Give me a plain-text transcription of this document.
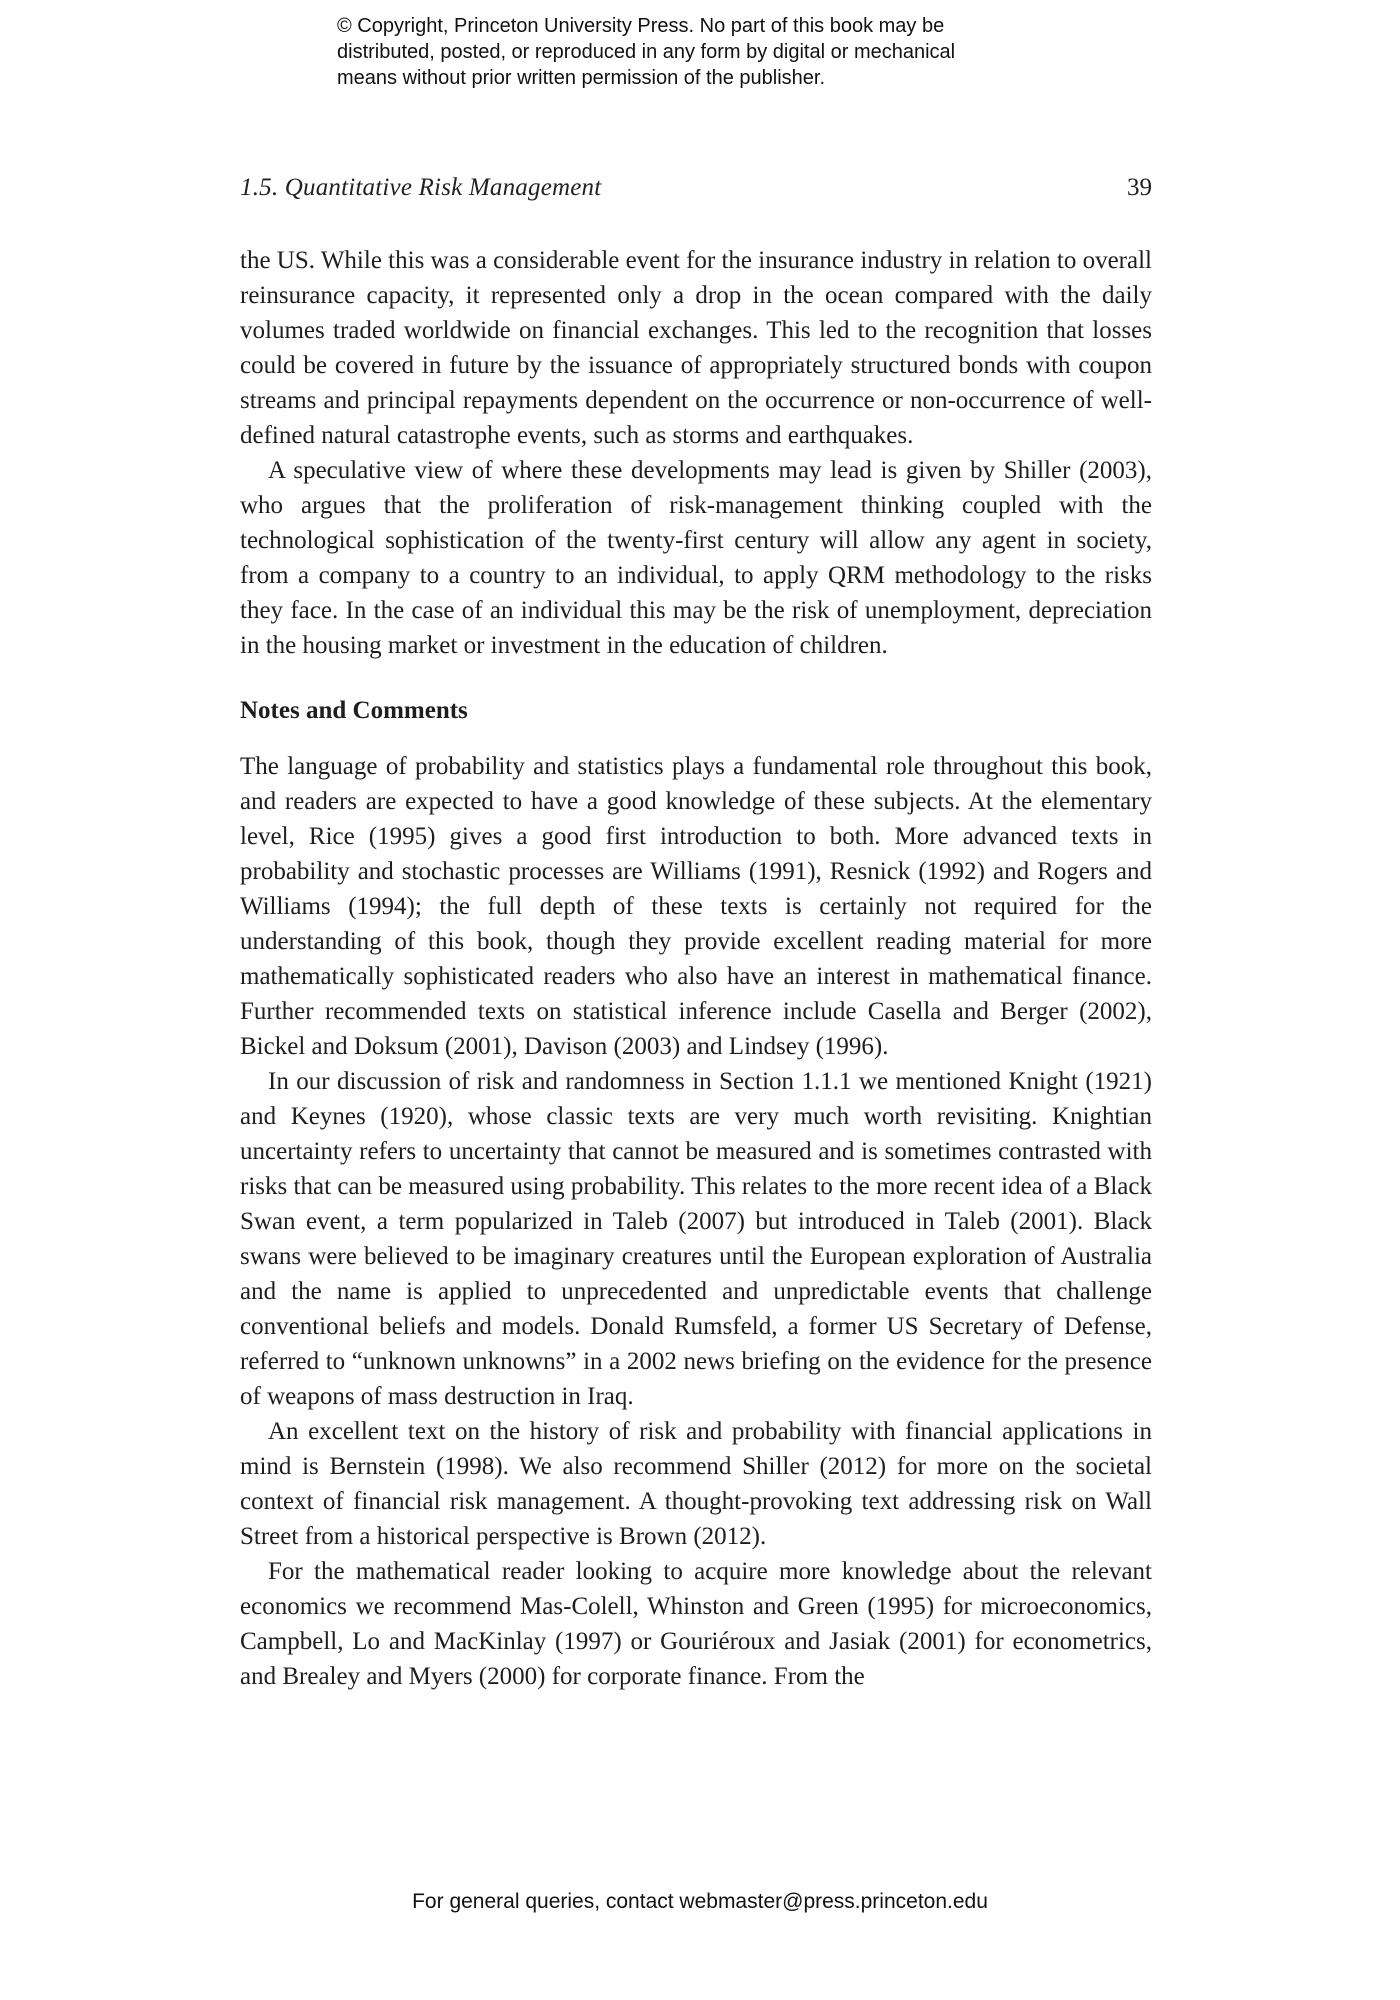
© Copyright, Princeton University Press. No part of this book may be
distributed, posted, or reproduced in any form by digital or mechanical
means without prior written permission of the publisher.
1.5. Quantitative Risk Management	39

the US. While this was a considerable event for the insurance industry in relation to overall reinsurance capacity, it represented only a drop in the ocean compared with the daily volumes traded worldwide on financial exchanges. This led to the recognition that losses could be covered in future by the issuance of appropriately structured bonds with coupon streams and principal repayments dependent on the occurrence or non-occurrence of well-defined natural catastrophe events, such as storms and earthquakes.

A speculative view of where these developments may lead is given by Shiller (2003), who argues that the proliferation of risk-management thinking coupled with the technological sophistication of the twenty-first century will allow any agent in society, from a company to a country to an individual, to apply QRM methodology to the risks they face. In the case of an individual this may be the risk of unemployment, depreciation in the housing market or investment in the education of children.

Notes and Comments

The language of probability and statistics plays a fundamental role throughout this book, and readers are expected to have a good knowledge of these subjects. At the elementary level, Rice (1995) gives a good first introduction to both. More advanced texts in probability and stochastic processes are Williams (1991), Resnick (1992) and Rogers and Williams (1994); the full depth of these texts is certainly not required for the understanding of this book, though they provide excellent reading material for more mathematically sophisticated readers who also have an interest in mathematical finance. Further recommended texts on statistical inference include Casella and Berger (2002), Bickel and Doksum (2001), Davison (2003) and Lindsey (1996).

In our discussion of risk and randomness in Section 1.1.1 we mentioned Knight (1921) and Keynes (1920), whose classic texts are very much worth revisiting. Knightian uncertainty refers to uncertainty that cannot be measured and is sometimes contrasted with risks that can be measured using probability. This relates to the more recent idea of a Black Swan event, a term popularized in Taleb (2007) but introduced in Taleb (2001). Black swans were believed to be imaginary creatures until the European exploration of Australia and the name is applied to unprecedented and unpredictable events that challenge conventional beliefs and models. Donald Rumsfeld, a former US Secretary of Defense, referred to “unknown unknowns” in a 2002 news briefing on the evidence for the presence of weapons of mass destruction in Iraq.

An excellent text on the history of risk and probability with financial applications in mind is Bernstein (1998). We also recommend Shiller (2012) for more on the societal context of financial risk management. A thought-provoking text addressing risk on Wall Street from a historical perspective is Brown (2012).

For the mathematical reader looking to acquire more knowledge about the relevant economics we recommend Mas-Colell, Whinston and Green (1995) for microeconomics, Campbell, Lo and MacKinlay (1997) or Gouriéroux and Jasiak (2001) for econometrics, and Brealey and Myers (2000) for corporate finance. From the

For general queries, contact webmaster@press.princeton.edu
